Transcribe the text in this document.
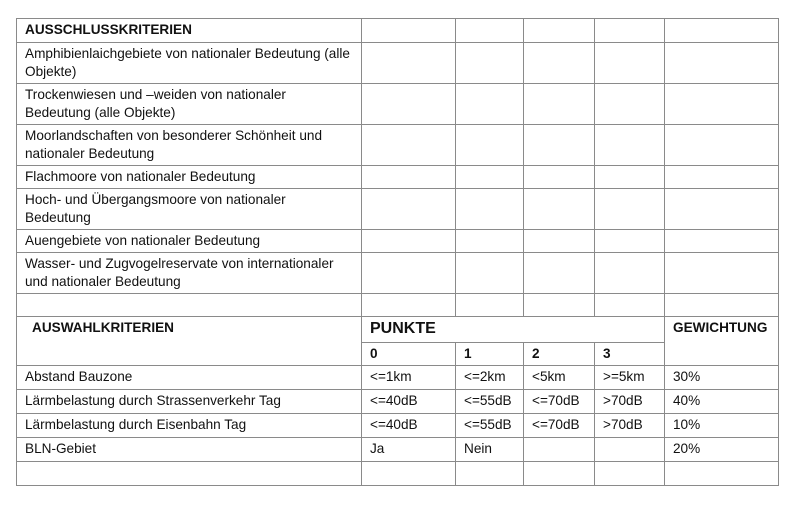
AUSSCHLUSSKRITERIEN					
Amphibienlaichgebiete von nationaler Bedeutung (alle Objekte)					
Trockenwiesen und –weiden von nationaler Bedeutung (alle Objekte)					
Moorlandschaften von besonderer Schönheit und nationaler Bedeutung					
Flachmoore von nationaler Bedeutung					
Hoch- und Übergangsmoore von nationaler Bedeutung					
Auengebiete von nationaler Bedeutung					
Wasser- und Zugvogelreservate von internationaler und nationaler Bedeutung					

AUSWAHLKRITERIEN	PUNKTE				GEWICHTUNG
	0	1	2	3	
Abstand Bauzone	<=1km	<=2km	<5km	>=5km	30%
Lärmbelastung durch Strassenverkehr Tag	<=40dB	<=55dB	<=70dB	>70dB	40%
Lärmbelastung durch Eisenbahn Tag	<=40dB	<=55dB	<=70dB	>70dB	10%
BLN-Gebiet	Ja	Nein			20%
